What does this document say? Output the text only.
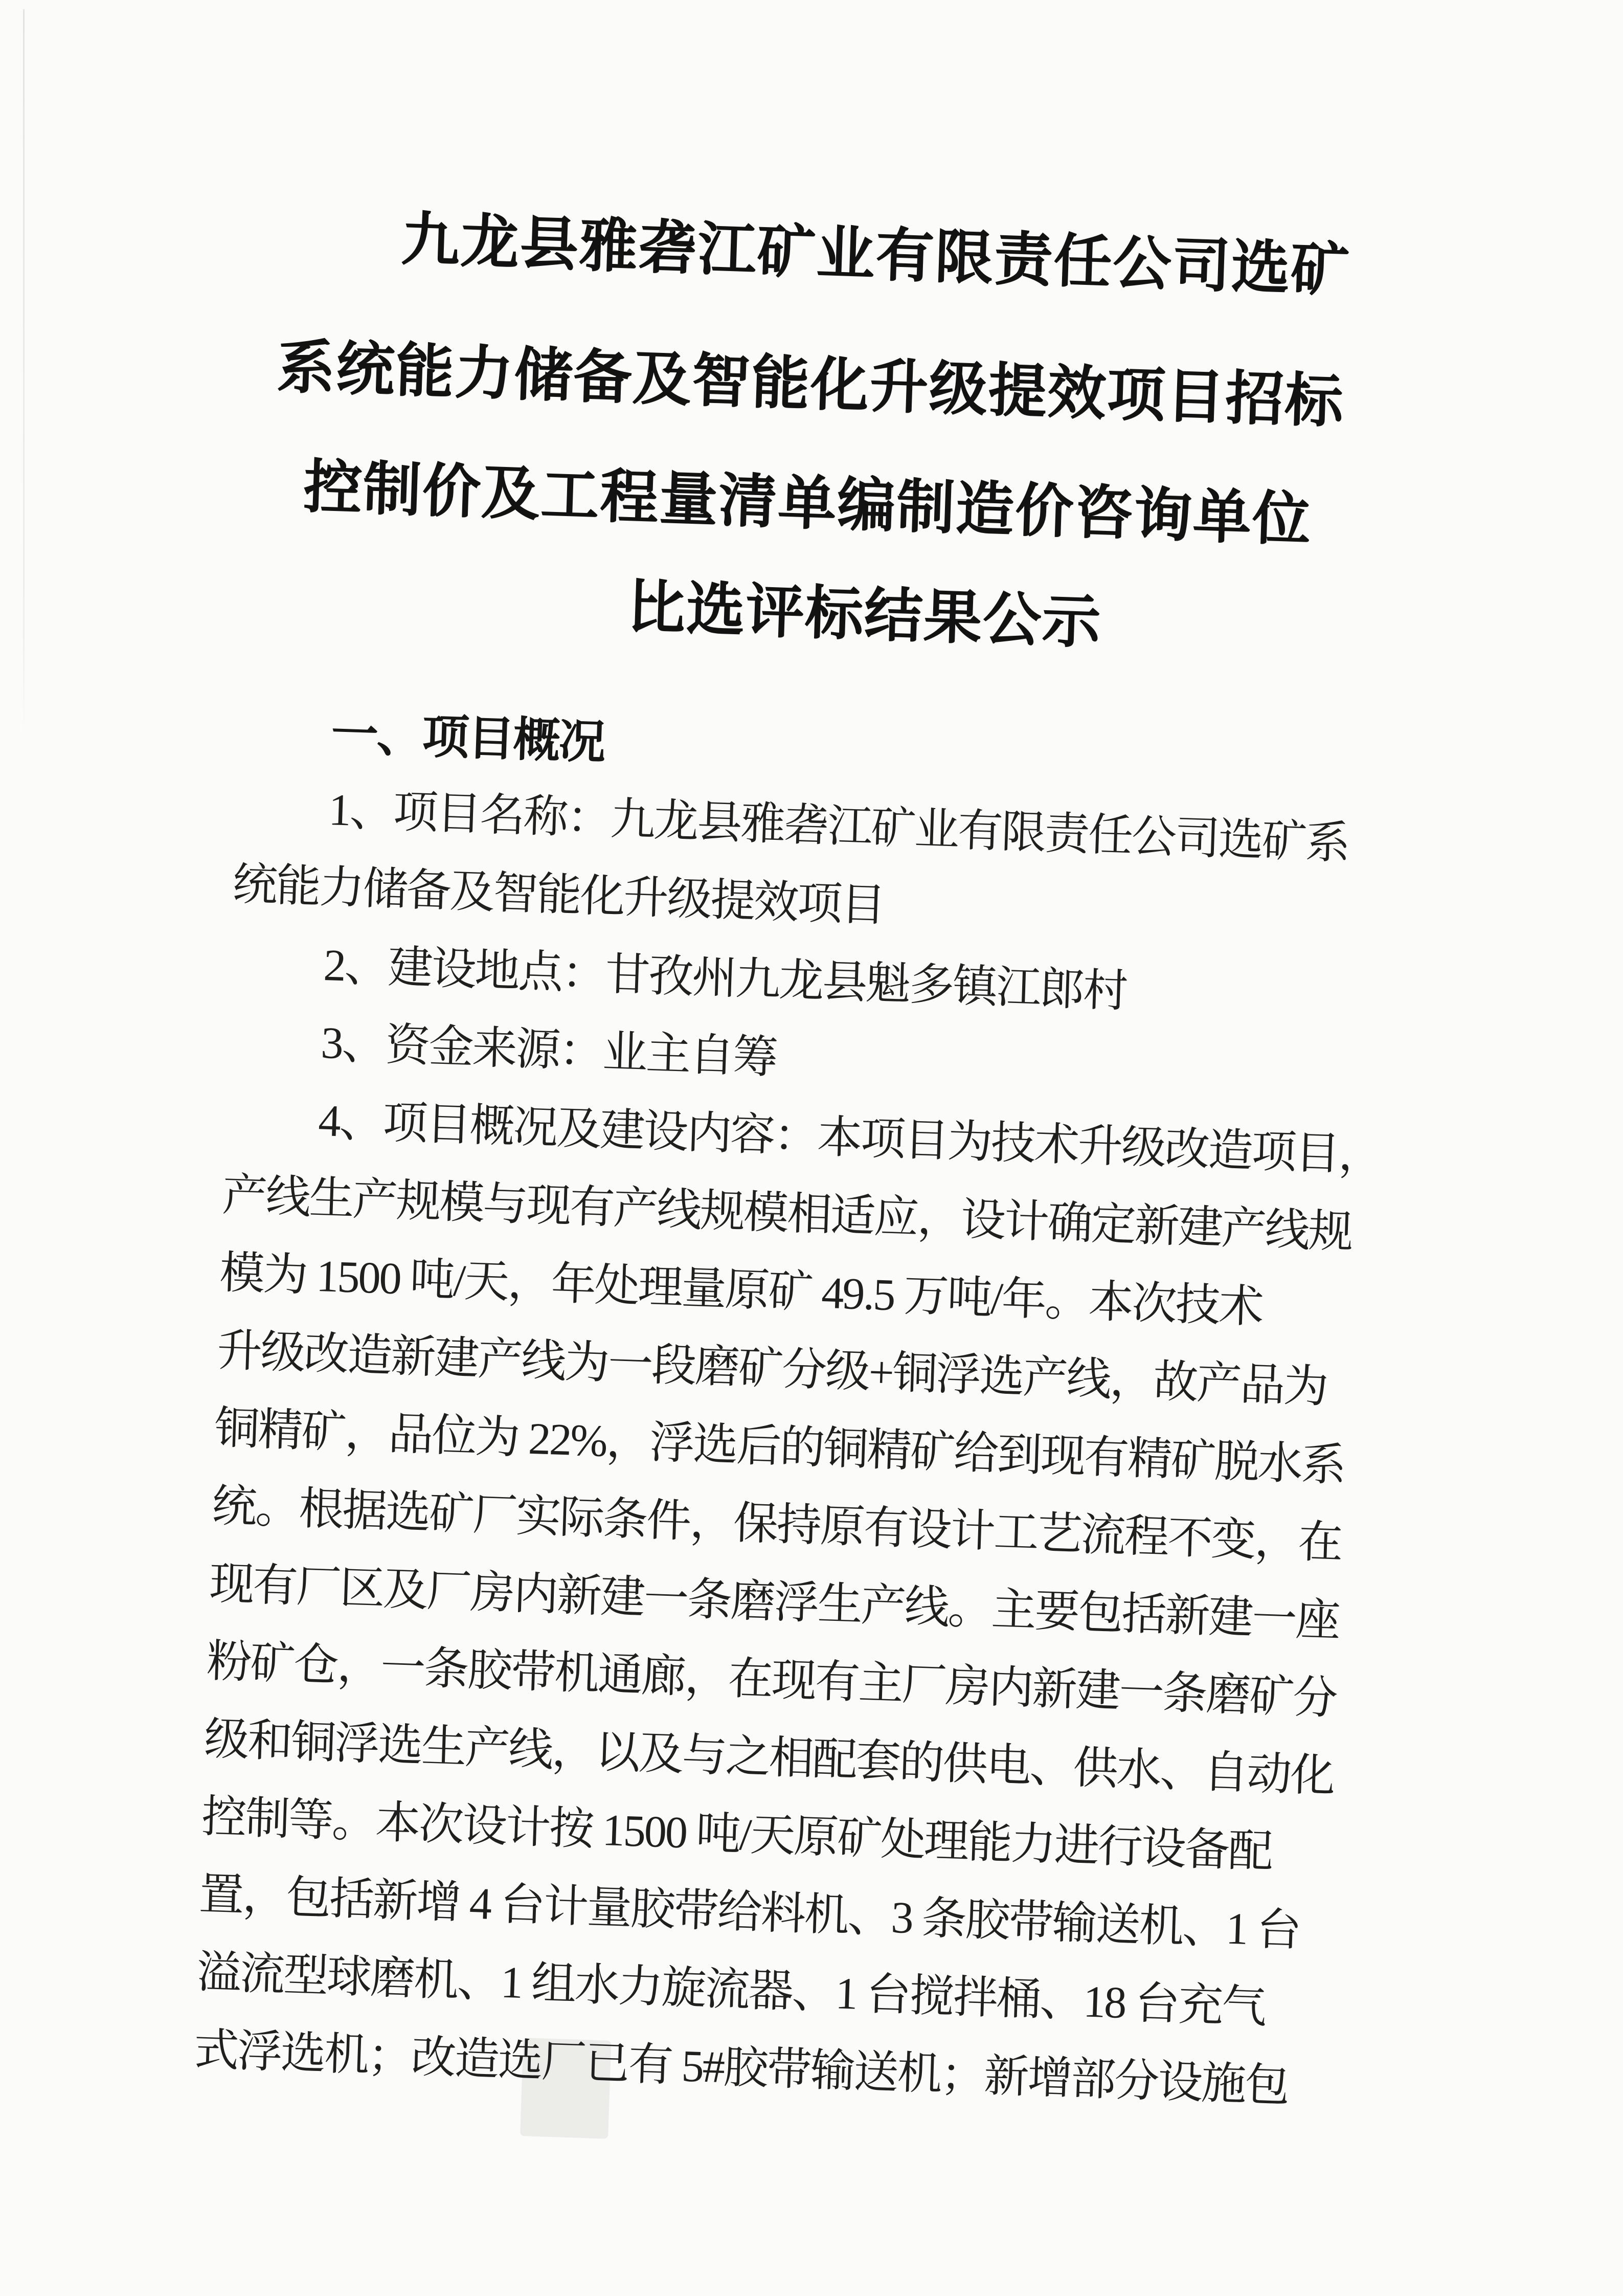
九龙县雅砻江矿业有限责任公司选矿
系统能力储备及智能化升级提效项目招标
控制价及工程量清单编制造价咨询单位
比选评标结果公示
一、项目概况
1、项目名称：九龙县雅砻江矿业有限责任公司选矿系
统能力储备及智能化升级提效项目
2、建设地点：甘孜州九龙县魁多镇江郎村
3、资金来源：业主自筹
4、项目概况及建设内容：本项目为技术升级改造项目，
产线生产规模与现有产线规模相适应，设计确定新建产线规
模为 1500 吨/天，年处理量原矿 49.5 万吨/年。本次技术
升级改造新建产线为一段磨矿分级+铜浮选产线，故产品为
铜精矿，品位为 22%，浮选后的铜精矿给到现有精矿脱水系
统。根据选矿厂实际条件，保持原有设计工艺流程不变，在
现有厂区及厂房内新建一条磨浮生产线。主要包括新建一座
粉矿仓，一条胶带机通廊，在现有主厂房内新建一条磨矿分
级和铜浮选生产线，以及与之相配套的供电、供水、自动化
控制等。本次设计按 1500 吨/天原矿处理能力进行设备配
置，包括新增 4 台计量胶带给料机、3 条胶带输送机、1 台
溢流型球磨机、1 组水力旋流器、1 台搅拌桶、18 台充气
式浮选机；改造选厂已有 5#胶带输送机；新增部分设施包
